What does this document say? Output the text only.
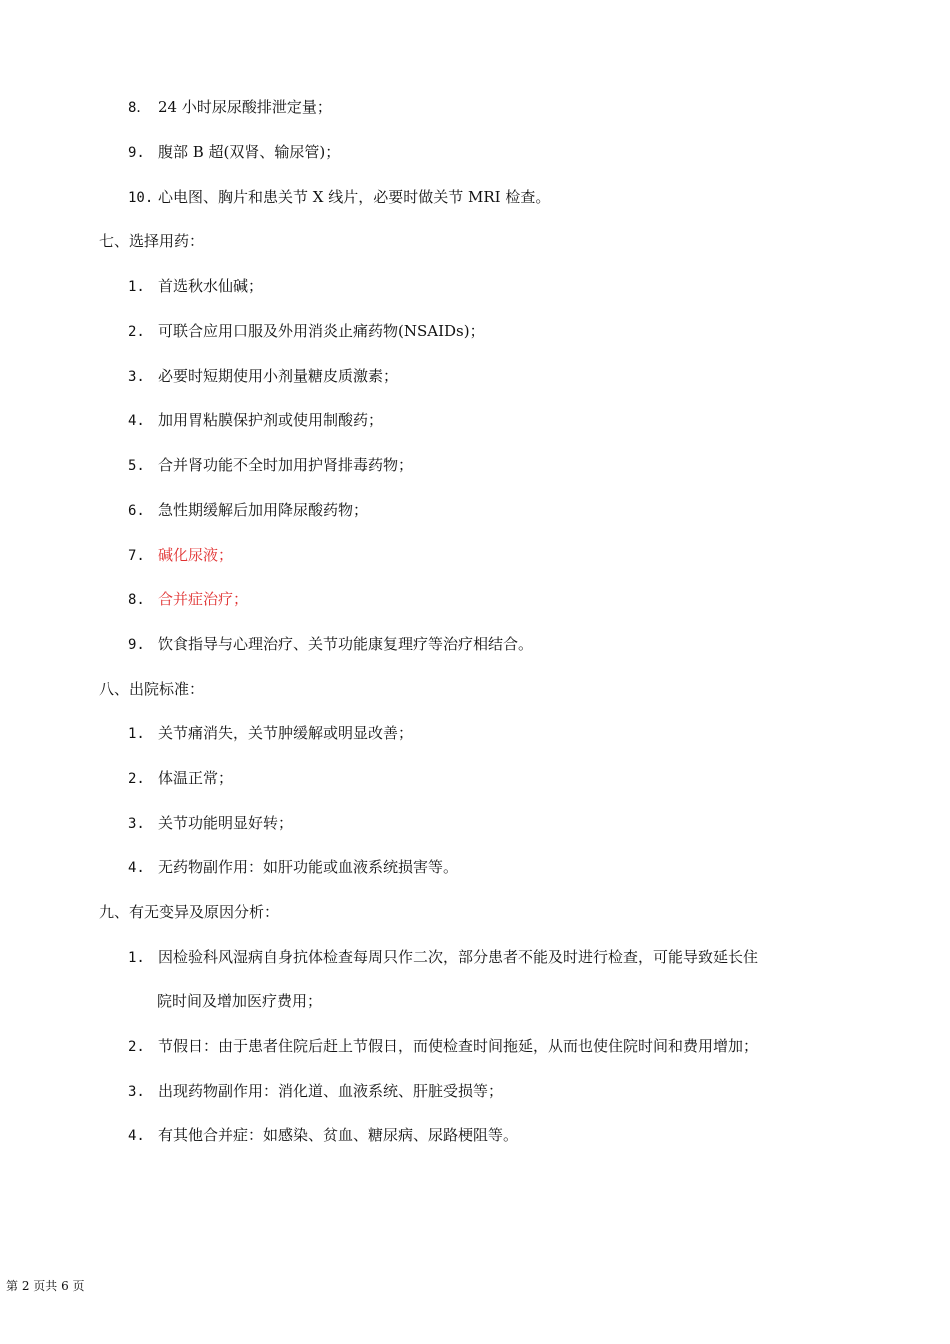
8． 24 小时尿尿酸排泄定量；
9. 腹部 B 超(双肾、输尿管)；
10. 心电图、胸片和患关节 X 线片，必要时做关节 MRI 检查。
七、选择用药：
1. 首选秋水仙碱；
2. 可联合应用口服及外用消炎止痛药物(NSAIDs)；
3. 必要时短期使用小剂量糖皮质激素；
4. 加用胃粘膜保护剂或使用制酸药；
5. 合并肾功能不全时加用护肾排毒药物；
6. 急性期缓解后加用降尿酸药物；
7. 碱化尿液；
8. 合并症治疗；
9. 饮食指导与心理治疗、关节功能康复理疗等治疗相结合。
八、出院标准：
1. 关节痛消失，关节肿缓解或明显改善；
2. 体温正常；
3. 关节功能明显好转；
4. 无药物副作用：如肝功能或血液系统损害等。
九、有无变异及原因分析：
1. 因检验科风湿病自身抗体检查每周只作二次，部分患者不能及时进行检查，可能导致延长住
院时间及增加医疗费用；
2. 节假日：由于患者住院后赶上节假日，而使检查时间拖延，从而也使住院时间和费用增加；
3. 出现药物副作用：消化道、血液系统、肝脏受损等；
4. 有其他合并症：如感染、贫血、糖尿病、尿路梗阻等。
第 2 页共 6 页
